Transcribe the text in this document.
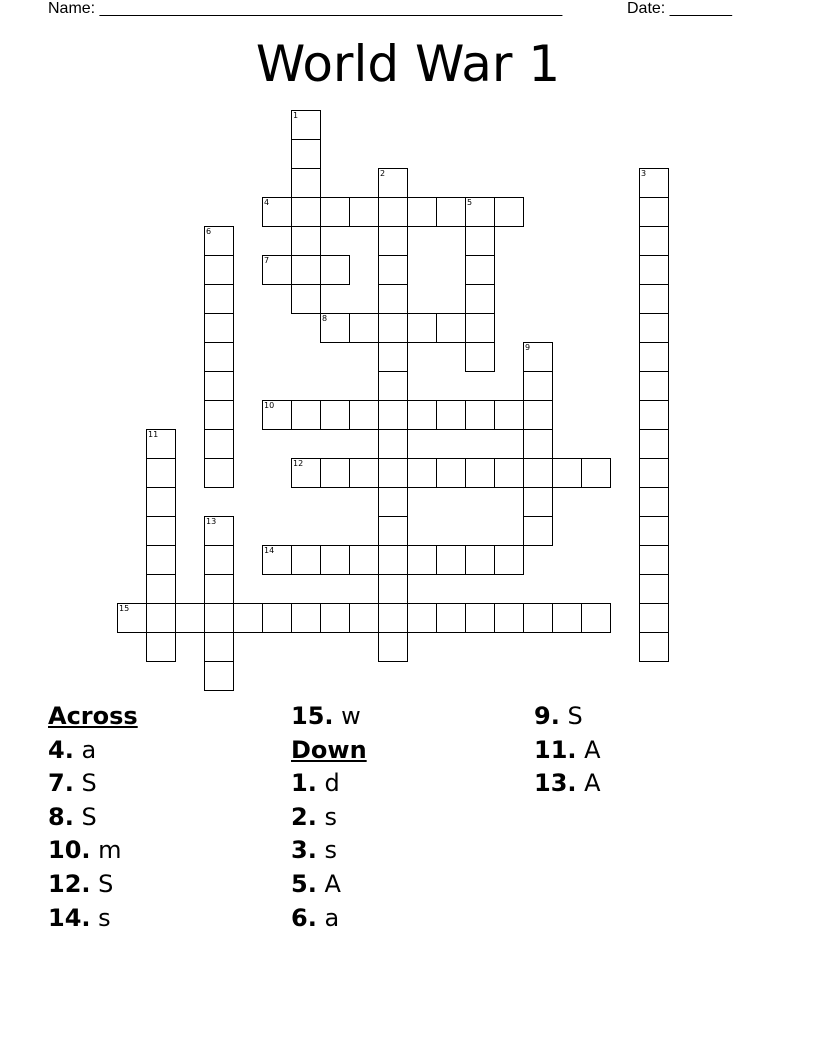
Name: ____________________________________________________	Date: _______
World War 1
4	5
7
8
10
12
14
15
1
2	3
6
9
11
13
Across
4. a
7. S
8. S
10. m
12. S
14. s
15. w
Down
1. d
2. s
3. s
5. A
6. a
9. S
11. A
13. A
